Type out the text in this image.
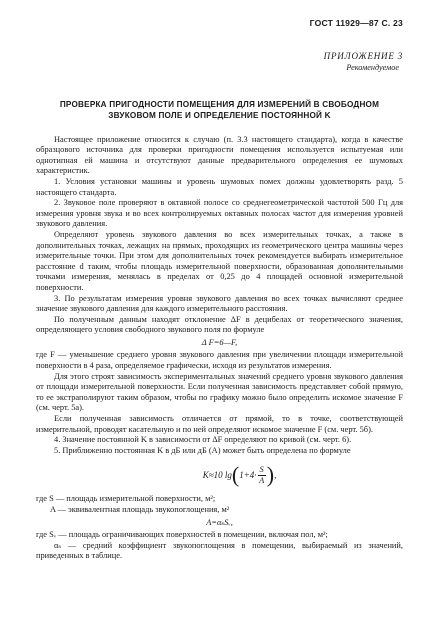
ГОСТ 11929—87 С. 23
ПРИЛОЖЕНИЕ 3
Рекомендуемое
ПРОВЕРКА ПРИГОДНОСТИ ПОМЕЩЕНИЯ ДЛЯ ИЗМЕРЕНИЙ В СВОБОДНОМ ЗВУКОВОМ ПОЛЕ И ОПРЕДЕЛЕНИЕ ПОСТОЯННОЙ K

Настоящее приложение относится к случаю (п. 3.3 настоящего стандарта), когда в качестве образцового источника для проверки пригодности помещения используется испытуемая или однотипная ей машина и отсутствуют данные предварительного определения ее шумовых характеристик.

1. Условия установки машины и уровень шумовых помех должны удовлетворять разд. 5 настоящего стандарта.

2. Звуковое поле проверяют в октавной полосе со среднегеометрической частотой 500 Гц для измерения уровня звука и во всех контролируемых октавных полосах частот для измерения уровней звукового давления.

Определяют уровень звукового давления во всех измерительных точках, а также в дополнительных точках, лежащих на прямых, проходящих из геометрического центра машины через измерительные точки. При этом для дополнительных точек рекомендуется выбирать измерительное расстояние d таким, чтобы площадь измерительной поверхности, образованная дополнительными точками измерения, менялась в пределах от 0,25 до 4 площадей основной измерительной поверхности.

3. По результатам измерения уровня звукового давления во всех точках вычисляют среднее значение звукового давления для каждого измерительного расстояния.

По полученным данным находят отклонение ΔF в децибелах от теоретического значения, определяющего условия свободного звукового поля по формуле

Δ F=6—F,

где F — уменьшение среднего уровня звукового давления при увеличении площади измерительной поверхности в 4 раза, определяемое графически, исходя из результатов измерения.

Для этого строят зависимость экспериментальных значений среднего уровня звукового давления от площади измерительной поверхности. Если полученная зависимость представляет собой прямую, то ее экстраполируют таким образом, чтобы по графику можно было определить искомое значение F (см. черт. 5а).

Если полученная зависимость отличается от прямой, то в точке, соответствующей измерительной, проводят касательную и по ней определяют искомое значение F (см. черт. 5б).

4. Значение постоянной K в зависимости от ΔF определяют по кривой (см. черт. 6).

5. Приближенно постоянная K в дБ или дБ (A) может быть определена по формуле

K≈10 lg ( $1+4\cdot \frac{S}{A}$ ) ,

где S — площадь измерительной поверхности, м²;

A — эквивалентная площадь звукопоглощения, м²

A=αₛSᵥ,

где Sᵥ — площадь ограничивающих поверхностей в помещении, включая пол, м²;

αₛ — средний коэффициент звукопоглощения в помещении, выбираемый из значений, приведенных в таблице.
